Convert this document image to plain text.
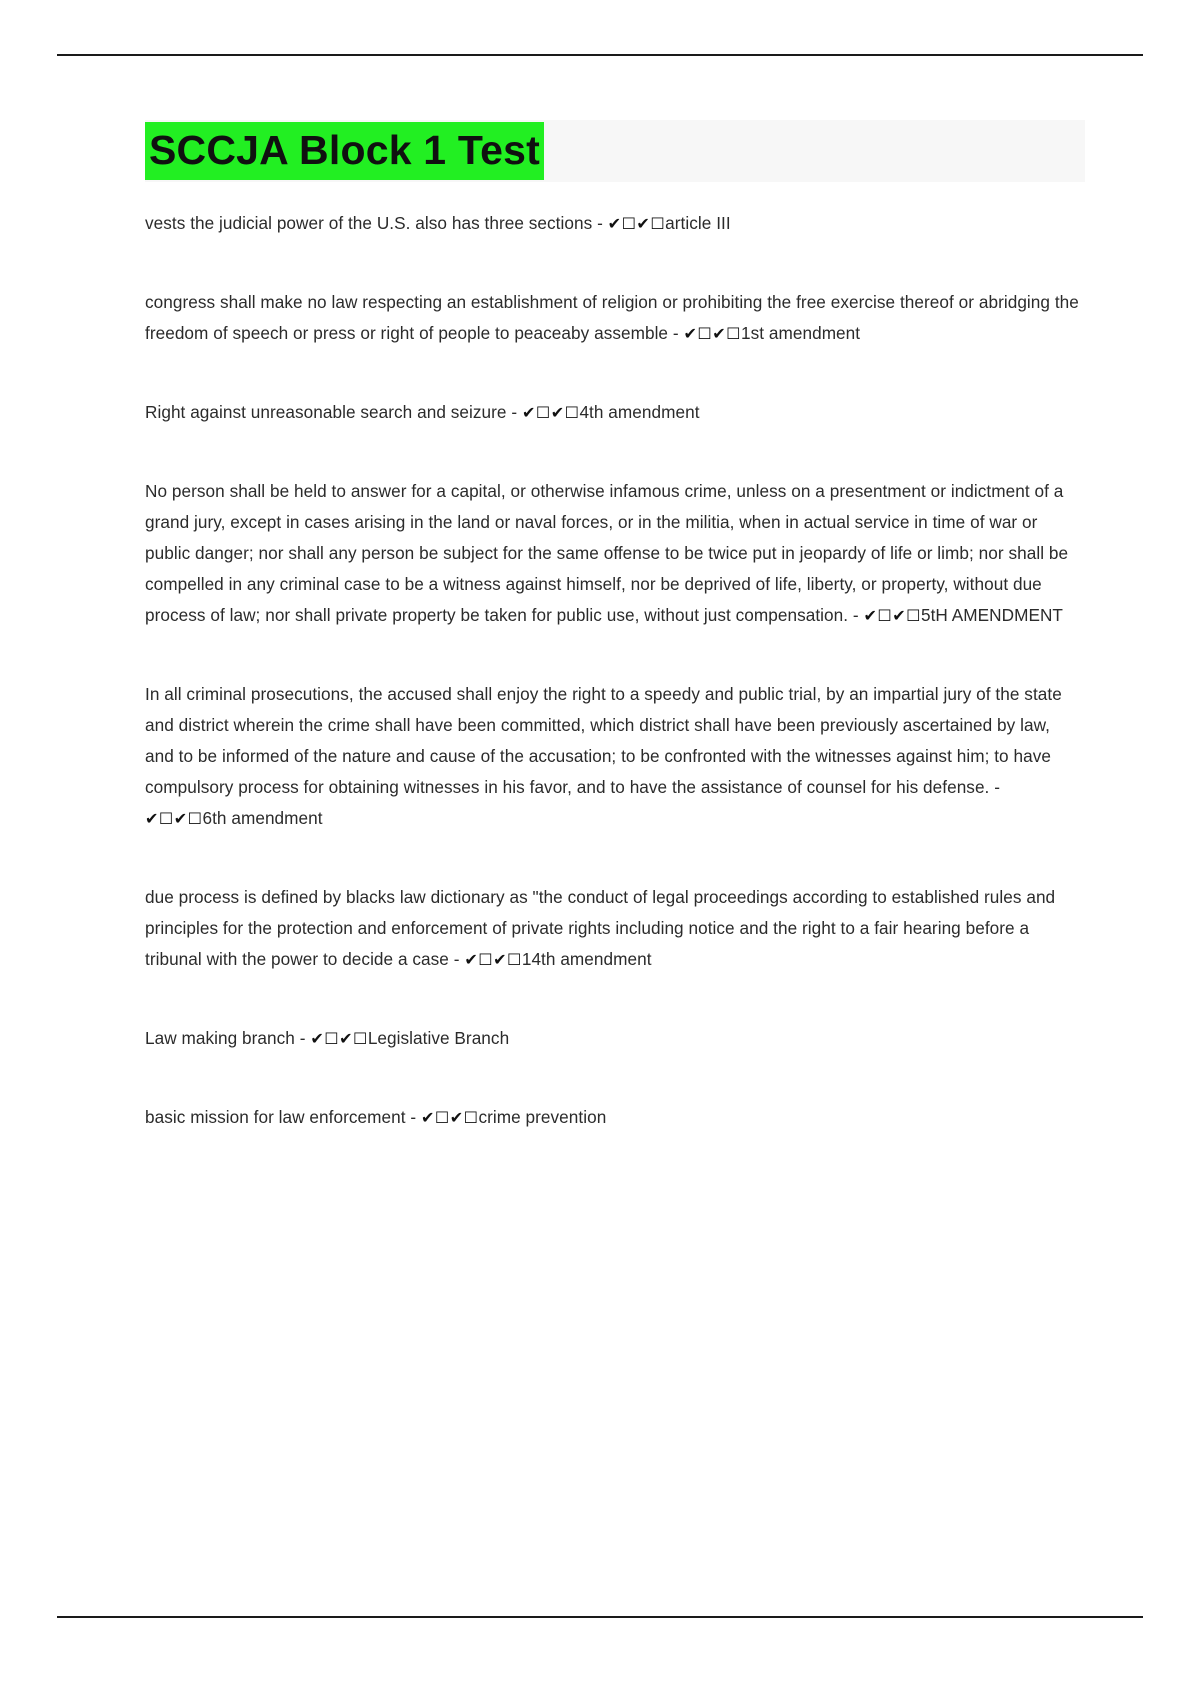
SCCJA Block 1 Test

vests the judicial power of the U.S. also has three sections - ✔☐✔☐article III

congress shall make no law respecting an establishment of religion or prohibiting the free exercise thereof or abridging the freedom of speech or press or right of people to peaceaby assemble - ✔☐✔☐1st amendment

Right against unreasonable search and seizure - ✔☐✔☐4th amendment

No person shall be held to answer for a capital, or otherwise infamous crime, unless on a presentment or indictment of a grand jury, except in cases arising in the land or naval forces, or in the militia, when in actual service in time of war or public danger; nor shall any person be subject for the same offense to be twice put in jeopardy of life or limb; nor shall be compelled in any criminal case to be a witness against himself, nor be deprived of life, liberty, or property, without due process of law; nor shall private property be taken for public use, without just compensation. - ✔☐✔☐5tH AMENDMENT

In all criminal prosecutions, the accused shall enjoy the right to a speedy and public trial, by an impartial jury of the state and district wherein the crime shall have been committed, which district shall have been previously ascertained by law, and to be informed of the nature and cause of the accusation; to be confronted with the witnesses against him; to have compulsory process for obtaining witnesses in his favor, and to have the assistance of counsel for his defense. - ✔☐✔☐6th amendment

due process is defined by blacks law dictionary as "the conduct of legal proceedings according to established rules and principles for the protection and enforcement of private rights including notice and the right to a fair hearing before a tribunal with the power to decide a case - ✔☐✔☐14th amendment

Law making branch - ✔☐✔☐Legislative Branch

basic mission for law enforcement - ✔☐✔☐crime prevention
